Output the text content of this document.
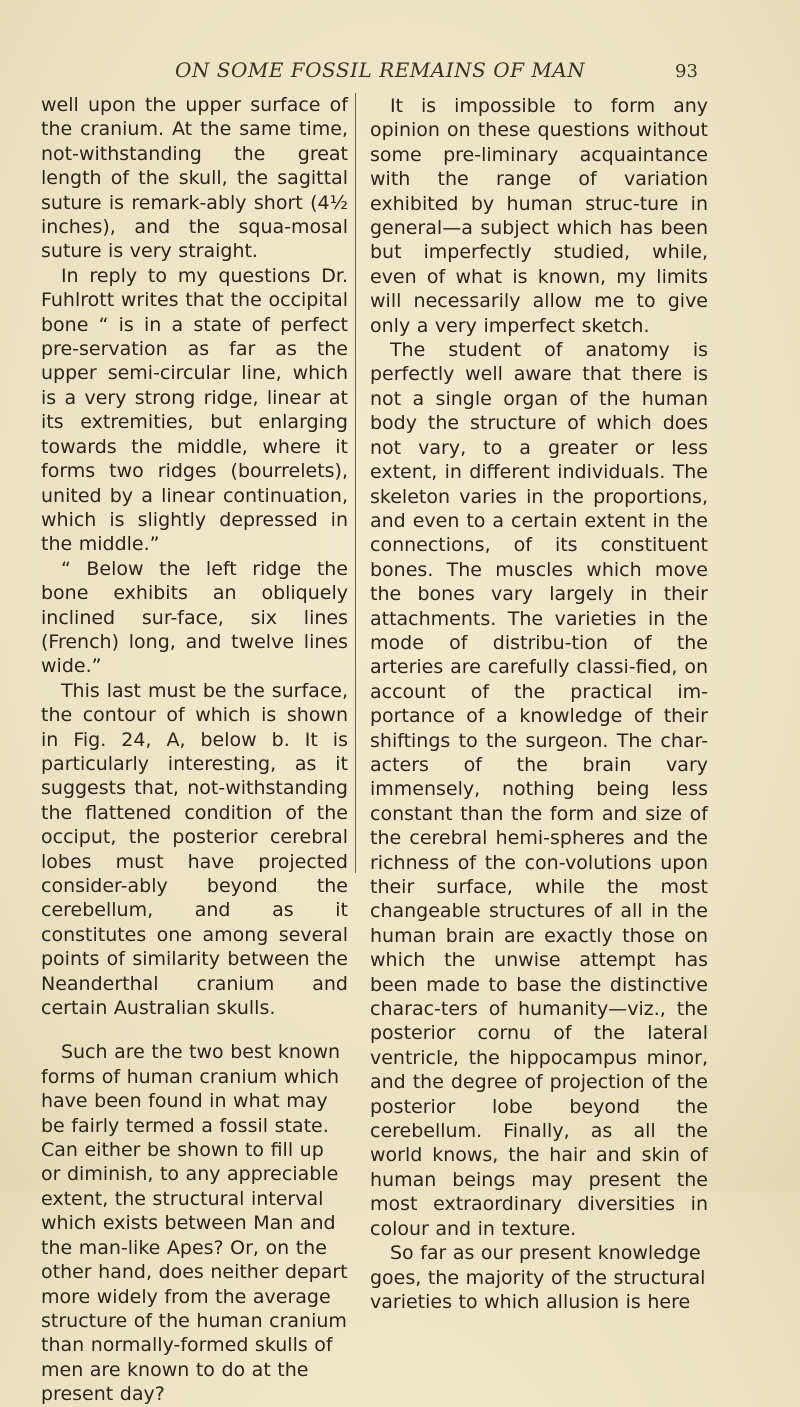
ON SOME FOSSIL REMAINS OF MAN	93

well upon the upper surface of the cranium. At the same time, not-withstanding the great length of the skull, the sagittal suture is remark-ably short (4½ inches), and the squa-mosal suture is very straight.

In reply to my questions Dr. Fuhlrott writes that the occipital bone “ is in a state of perfect pre-servation as far as the upper semi-circular line, which is a very strong ridge, linear at its extremities, but enlarging towards the middle, where it forms two ridges (bourrelets), united by a linear continuation, which is slightly depressed in the middle.”

“ Below the left ridge the bone exhibits an obliquely inclined sur-face, six lines (French) long, and twelve lines wide.”

This last must be the surface, the contour of which is shown in Fig. 24, A, below b. It is particularly interesting, as it suggests that, not-withstanding the flattened condition of the occiput, the posterior cerebral lobes must have projected consider-ably beyond the cerebellum, and as it constitutes one among several points of similarity between the Neanderthal cranium and certain Australian skulls.

Such are the two best known forms of human cranium which have been found in what may be fairly termed a fossil state. Can either be shown to fill up or diminish, to any appreciable extent, the structural interval which exists between Man and the man-like Apes? Or, on the other hand, does neither depart more widely from the average structure of the human cranium than normally-formed skulls of men are known to do at the present day?

It is impossible to form any opinion on these questions without some pre-liminary acquaintance with the range of variation exhibited by human struc-ture in general—a subject which has been but imperfectly studied, while, even of what is known, my limits will necessarily allow me to give only a very imperfect sketch.

The student of anatomy is perfectly well aware that there is not a single organ of the human body the structure of which does not vary, to a greater or less extent, in different individuals. The skeleton varies in the proportions, and even to a certain extent in the connections, of its constituent bones. The muscles which move the bones vary largely in their attachments. The varieties in the mode of distribu-tion of the arteries are carefully classi-fied, on account of the practical im-portance of a knowledge of their shiftings to the surgeon. The char-acters of the brain vary immensely, nothing being less constant than the form and size of the cerebral hemi-spheres and the richness of the con-volutions upon their surface, while the most changeable structures of all in the human brain are exactly those on which the unwise attempt has been made to base the distinctive charac-ters of humanity—viz., the posterior cornu of the lateral ventricle, the hippocampus minor, and the degree of projection of the posterior lobe beyond the cerebellum. Finally, as all the world knows, the hair and skin of human beings may present the most extraordinary diversities in colour and in texture.

So far as our present knowledge goes, the majority of the structural varieties to which allusion is here
